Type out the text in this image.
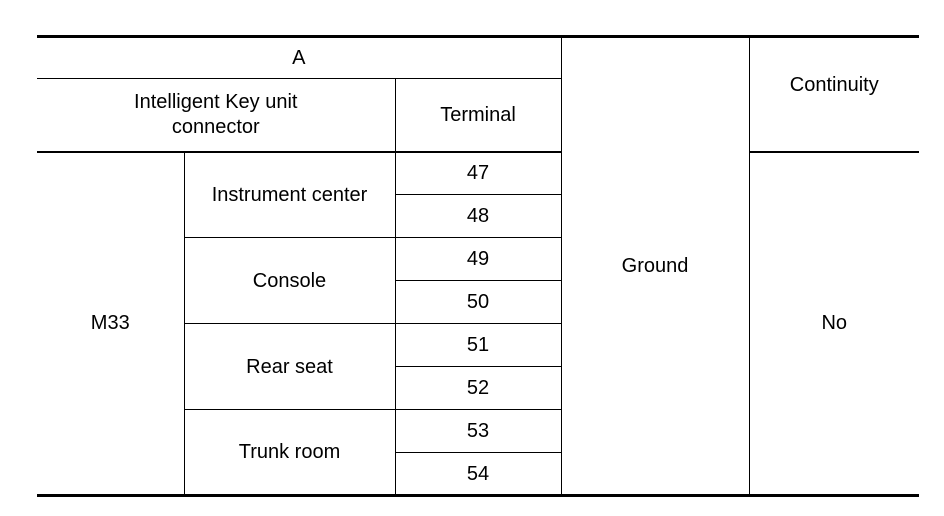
A			Ground	Continuity
Intelligent Key unit
connector		Terminal		
M33	Instrument center	47		No
		48		
	Console	49		
		50		
	Rear seat	51		
		52		
	Trunk room	53		
		54		
